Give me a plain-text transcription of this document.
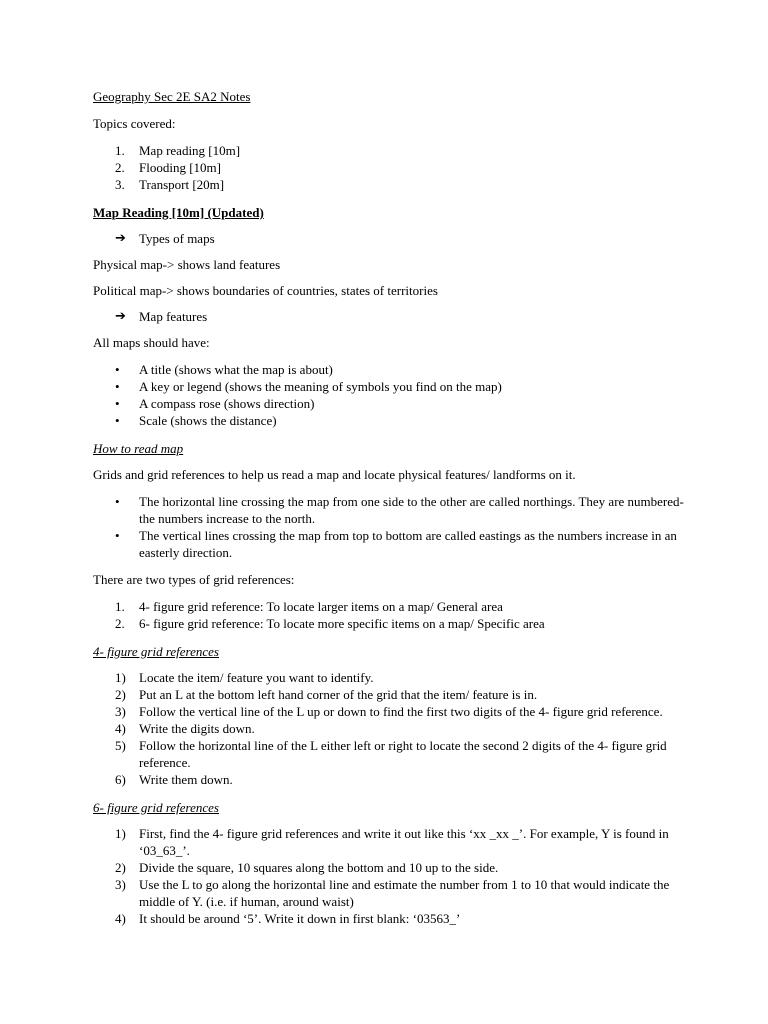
Geography Sec 2E SA2 Notes

Topics covered:

1. Map reading [10m]
2. Flooding [10m]
3. Transport [20m]

Map Reading [10m] (Updated)

➔ Types of maps

Physical map-> shows land features

Political map-> shows boundaries of countries, states of territories

➔ Map features

All maps should have:

• A title (shows what the map is about)
• A key or legend (shows the meaning of symbols you find on the map)
• A compass rose (shows direction)
• Scale (shows the distance)

How to read map

Grids and grid references to help us read a map and locate physical features/ landforms on it.

• The horizontal line crossing the map from one side to the other are called northings. They are numbered- the numbers increase to the north.
• The vertical lines crossing the map from top to bottom are called eastings as the numbers increase in an easterly direction.

There are two types of grid references:

1. 4- figure grid reference: To locate larger items on a map/ General area
2. 6- figure grid reference: To locate more specific items on a map/ Specific area

4- figure grid references

1) Locate the item/ feature you want to identify.
2) Put an L at the bottom left hand corner of the grid that the item/ feature is in.
3) Follow the vertical line of the L up or down to find the first two digits of the 4- figure grid reference.
4) Write the digits down.
5) Follow the horizontal line of the L either left or right to locate the second 2 digits of the 4- figure grid reference.
6) Write them down.

6- figure grid references

1) First, find the 4- figure grid references and write it out like this ‘xx _xx _’. For example, Y is found in ‘03_63_’.
2) Divide the square, 10 squares along the bottom and 10 up to the side.
3) Use the L to go along the horizontal line and estimate the number from 1 to 10 that would indicate the middle of Y. (i.e. if human, around waist)
4) It should be around ‘5’. Write it down in first blank: ‘03563_’
